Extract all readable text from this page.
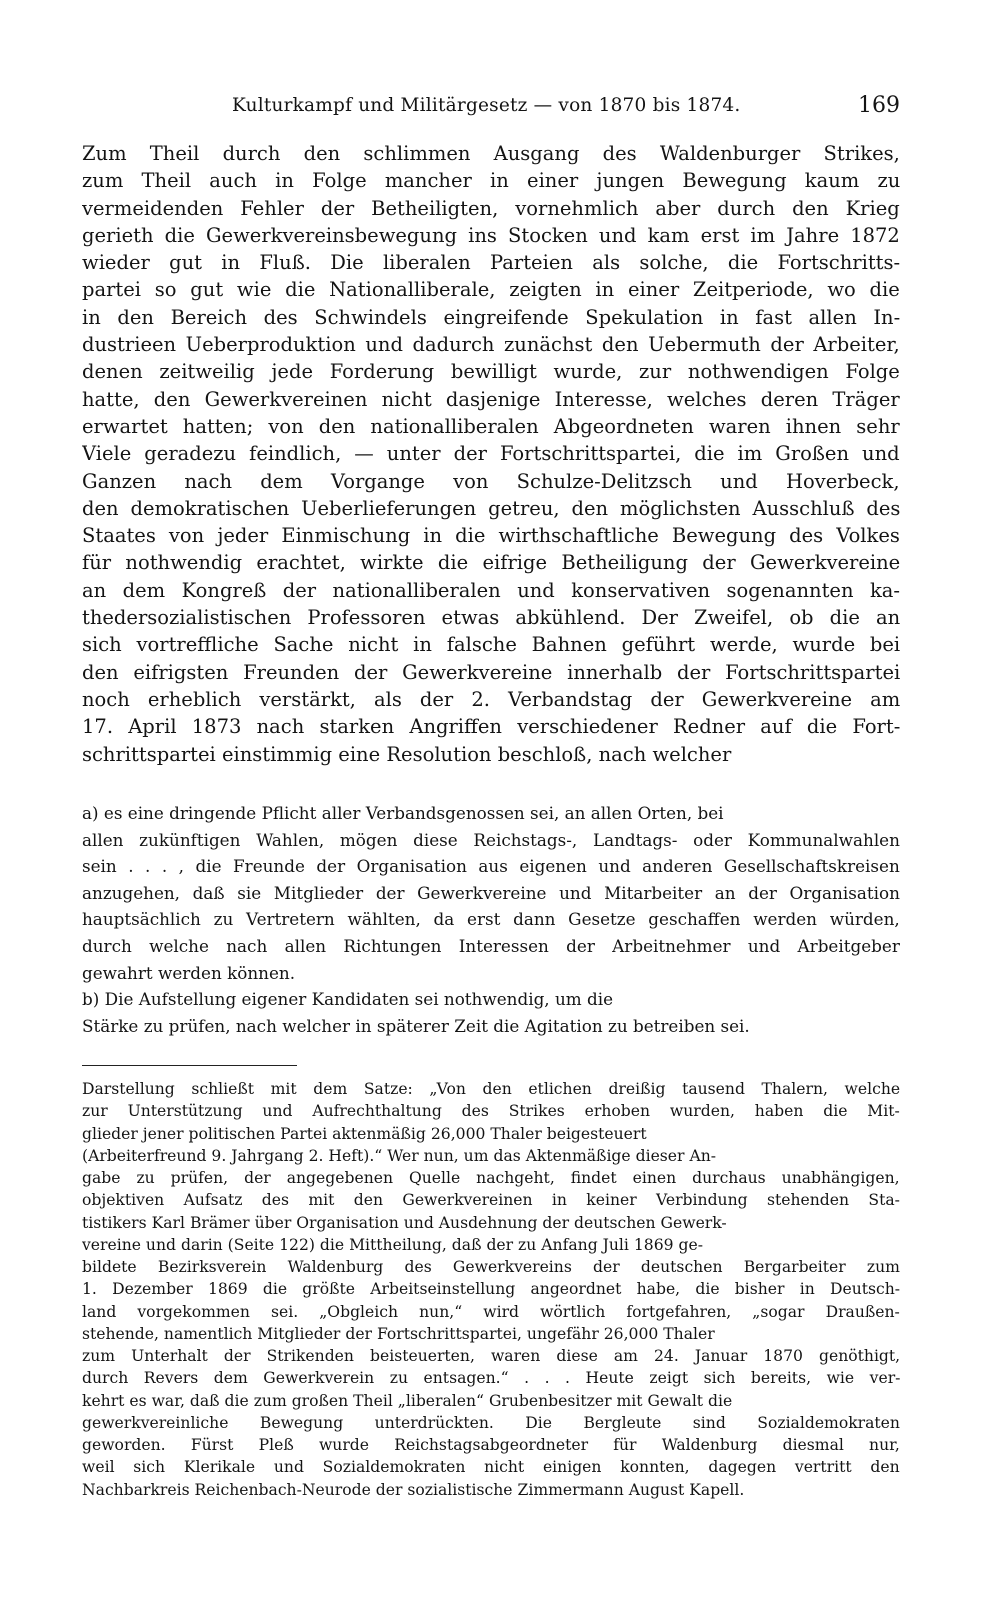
Kulturkampf und Militärgesetz — von 1870 bis 1874.	169
Zum Theil durch den schlimmen Ausgang des Waldenburger Strikes,
zum Theil auch in Folge mancher in einer jungen Bewegung kaum zu
vermeidenden Fehler der Betheiligten, vornehmlich aber durch den Krieg
gerieth die Gewerkvereinsbewegung ins Stocken und kam erst im Jahre 1872
wieder gut in Fluß. Die liberalen Parteien als solche, die Fortschritts-
partei so gut wie die Nationalliberale, zeigten in einer Zeitperiode, wo die
in den Bereich des Schwindels eingreifende Spekulation in fast allen In-
dustrieen Ueberproduktion und dadurch zunächst den Uebermuth der Arbeiter,
denen zeitweilig jede Forderung bewilligt wurde, zur nothwendigen Folge
hatte, den Gewerkvereinen nicht dasjenige Interesse, welches deren Träger
erwartet hatten; von den nationalliberalen Abgeordneten waren ihnen sehr
Viele geradezu feindlich, — unter der Fortschrittspartei, die im Großen und
Ganzen nach dem Vorgange von Schulze-Delitzsch und Hoverbeck,
den demokratischen Ueberlieferungen getreu, den möglichsten Ausschluß des
Staates von jeder Einmischung in die wirthschaftliche Bewegung des Volkes
für nothwendig erachtet, wirkte die eifrige Betheiligung der Gewerkvereine
an dem Kongreß der nationalliberalen und konservativen sogenannten ka-
thedersozialistischen Professoren etwas abkühlend. Der Zweifel, ob die an
sich vortreffliche Sache nicht in falsche Bahnen geführt werde, wurde bei
den eifrigsten Freunden der Gewerkvereine innerhalb der Fortschrittspartei
noch erheblich verstärkt, als der 2. Verbandstag der Gewerkvereine am
17. April 1873 nach starken Angriffen verschiedener Redner auf die Fort-
schrittspartei einstimmig eine Resolution beschloß, nach welcher
a) es eine dringende Pflicht aller Verbandsgenossen sei, an allen Orten, bei
allen zukünftigen Wahlen, mögen diese Reichstags-, Landtags- oder Kommunalwahlen
sein . . . , die Freunde der Organisation aus eigenen und anderen Gesellschaftskreisen
anzugehen, daß sie Mitglieder der Gewerkvereine und Mitarbeiter an der Organisation
hauptsächlich zu Vertretern wählten, da erst dann Gesetze geschaffen werden würden,
durch welche nach allen Richtungen Interessen der Arbeitnehmer und Arbeitgeber
gewahrt werden können.
b) Die Aufstellung eigener Kandidaten sei nothwendig, um die
Stärke zu prüfen, nach welcher in späterer Zeit die Agitation zu betreiben sei.
Darstellung schließt mit dem Satze: „Von den etlichen dreißig tausend Thalern, welche
zur Unterstützung und Aufrechthaltung des Strikes erhoben wurden, haben die Mit-
glieder jener politischen Partei aktenmäßig 26,000 Thaler beigesteuert
(Arbeiterfreund 9. Jahrgang 2. Heft).“ Wer nun, um das Aktenmäßige dieser An-
gabe zu prüfen, der angegebenen Quelle nachgeht, findet einen durchaus unabhängigen,
objektiven Aufsatz des mit den Gewerkvereinen in keiner Verbindung stehenden Sta-
tistikers Karl Brämer über Organisation und Ausdehnung der deutschen Gewerk-
vereine und darin (Seite 122) die Mittheilung, daß der zu Anfang Juli 1869 ge-
bildete Bezirksverein Waldenburg des Gewerkvereins der deutschen Bergarbeiter zum
1. Dezember 1869 die größte Arbeitseinstellung angeordnet habe, die bisher in Deutsch-
land vorgekommen sei. „Obgleich nun,“ wird wörtlich fortgefahren, „sogar Draußen-
stehende, namentlich Mitglieder der Fortschrittspartei, ungefähr 26,000 Thaler
zum Unterhalt der Strikenden beisteuerten, waren diese am 24. Januar 1870 genöthigt,
durch Revers dem Gewerkverein zu entsagen.“ . . . Heute zeigt sich bereits, wie ver-
kehrt es war, daß die zum großen Theil „liberalen“ Grubenbesitzer mit Gewalt die
gewerkvereinliche Bewegung unterdrückten. Die Bergleute sind Sozialdemokraten
geworden. Fürst Pleß wurde Reichstagsabgeordneter für Waldenburg diesmal nur,
weil sich Klerikale und Sozialdemokraten nicht einigen konnten, dagegen vertritt den
Nachbarkreis Reichenbach-Neurode der sozialistische Zimmermann August Kapell.
